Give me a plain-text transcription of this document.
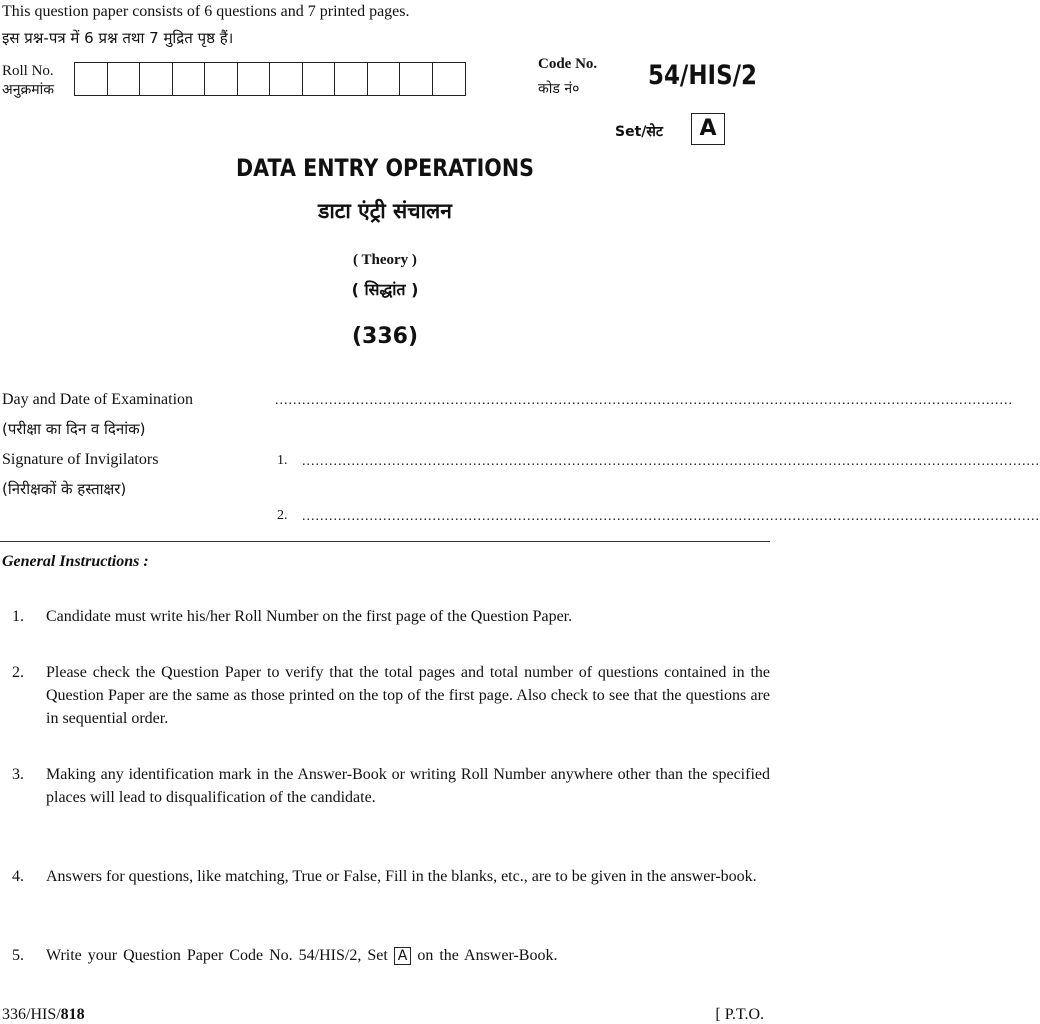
This question paper consists of 6 questions and 7 printed pages.
इस प्रश्न-पत्र में 6 प्रश्न तथा 7 मुद्रित पृष्ठ हैं।
Roll No.
अनुक्रमांक
Code No.
कोड नं०	54/HIS/2
Set/सेट	A
DATA ENTRY OPERATIONS
डाटा एंट्री संचालन
( Theory )
( सिद्धांत )
(336)
Day and Date of Examination
(परीक्षा का दिन व दिनांक)
....................................................................................................................................................................
Signature of Invigilators
(निरीक्षकों के हस्ताक्षर)
1. ....................................................................................................................................................................
2. ....................................................................................................................................................................
General Instructions :
1.	Candidate must write his/her Roll Number on the first page of the Question Paper.
2.	Please check the Question Paper to verify that the total pages and total number of questions contained in the Question Paper are the same as those printed on the top of the first page. Also check to see that the questions are in sequential order.
3.	Making any identification mark in the Answer-Book or writing Roll Number anywhere other than the specified places will lead to disqualification of the candidate.
4.	Answers for questions, like matching, True or False, Fill in the blanks, etc., are to be given in the answer-book.
5.	Write your Question Paper Code No. 54/HIS/2, Set A on the Answer-Book.
336/HIS/818	[ P.T.O.
